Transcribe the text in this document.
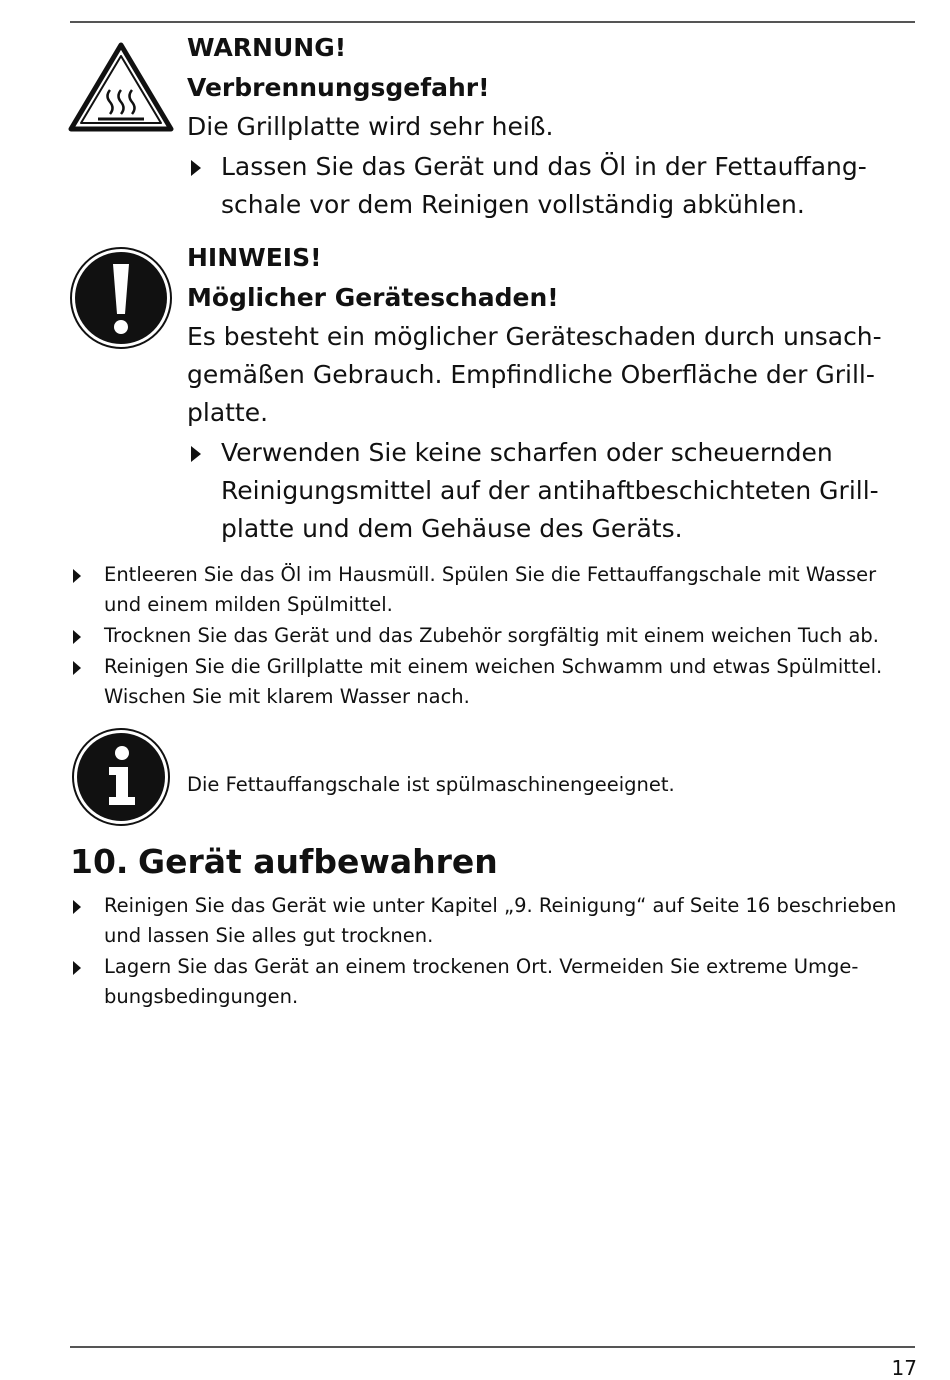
WARNUNG!
Verbrennungsgefahr!
Die Grillplatte wird sehr heiß.
Lassen Sie das Gerät und das Öl in der Fettauffangschale vor dem Reinigen vollständig abkühlen.
HINWEIS!
Möglicher Geräteschaden!
Es besteht ein möglicher Geräteschaden durch unsachgemäßen Gebrauch. Empfindliche Oberfläche der Grillplatte.
Verwenden Sie keine scharfen oder scheuernden Reinigungsmittel auf der antihaftbeschichteten Grillplatte und dem Gehäuse des Geräts.
Entleeren Sie das Öl im Hausmüll. Spülen Sie die Fettauffangschale mit Wasser und einem milden Spülmittel.
Trocknen Sie das Gerät und das Zubehör sorgfältig mit einem weichen Tuch ab.
Reinigen Sie die Grillplatte mit einem weichen Schwamm und etwas Spülmittel. Wischen Sie mit klarem Wasser nach.
Die Fettauffangschale ist spülmaschinengeeignet.
10. Gerät aufbewahren
Reinigen Sie das Gerät wie unter Kapitel „9. Reinigung“ auf Seite 16 beschrieben und lassen Sie alles gut trocknen.
Lagern Sie das Gerät an einem trockenen Ort. Vermeiden Sie extreme Umgebungsbedingungen.
17
